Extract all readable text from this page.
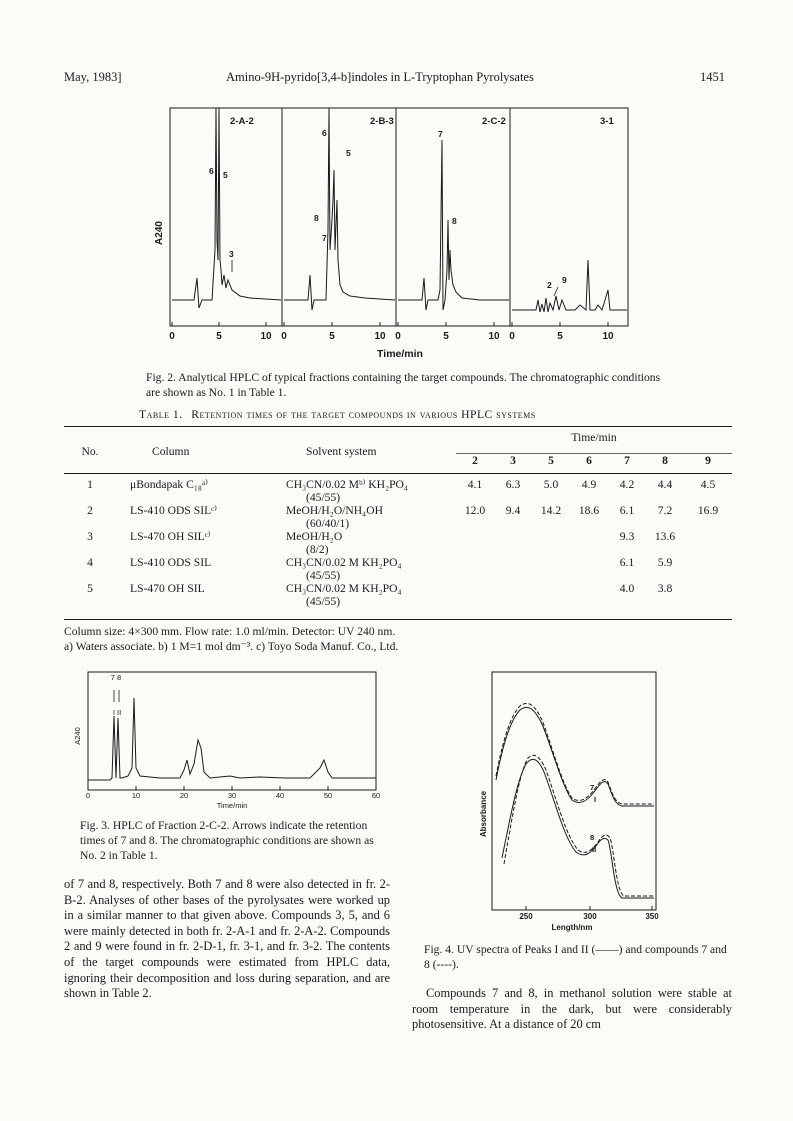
May, 1983]	Amino-9H-pyrido[3,4-b]indoles in L-Tryptophan Pyrolysates	1451
0	5	10 0	5	10 0	5	10 0	5	10
Time/min
A240
2-A-2	2-B-3	2-C-2	3-1
6 5
3
6
5
8
7
7
8
2 9
Fig. 2. Analytical HPLC of typical fractions containing the target compounds. The chromatographic conditions are shown as No. 1 in Table 1.
Table 1. Retention times of the target compounds in various HPLC systems
No.	Column	Solvent system	Time/min						
			2	3	5	6	7	8	9

1	μBondapak C₁₈ᵃ⁾	CH₃CN/0.02 Mᵇ⁾ KH₂PO₄
(45/55)	4.1	6.3	5.0	4.9	4.2	4.4	4.5
2	LS-410 ODS SILᶜ⁾	MeOH/H₂O/NH₄OH
(60/40/1)	12.0	9.4	14.2	18.6	6.1	7.2	16.9
3	LS-470 OH SILᶜ⁾	MeOH/H₂O
(8/2)					9.3	13.6	
4	LS-410 ODS SIL	CH₃CN/0.02 M KH₂PO₄
(45/55)					6.1	5.9	
5	LS-470 OH SIL	CH₃CN/0.02 M KH₂PO₄
(45/55)					4.0	3.8	
Column size: 4×300 mm. Flow rate: 1.0 ml/min. Detector: UV 240 nm.
a) Waters associate. b) 1 M=1 mol dm⁻³. c) Toyo Soda Manuf. Co., Ltd.
7 8
I II
0	10	20	30	40	50	60
Time/min
A240
Fig. 3. HPLC of Fraction 2-C-2. Arrows indicate the retention times of 7 and 8. The chromatographic conditions are shown as No. 2 in Table 1.
7
I
8
II
250	300	350
Length/nm
Absorbance
Fig. 4. UV spectra of Peaks I and II (——) and compounds 7 and 8 (----).
of 7 and 8, respectively. Both 7 and 8 were also detected in fr. 2-B-2. Analyses of other bases of the pyrolysates were worked up in a similar manner to that given above. Compounds 3, 5, and 6 were mainly detected in both fr. 2-A-1 and fr. 2-A-2. Compounds 2 and 9 were found in fr. 2-D-1, fr. 3-1, and fr. 3-2. The contents of the target compounds were estimated from HPLC data, ignoring their decomposition and loss during separation, and are shown in Table 2.	Compounds 7 and 8, in methanol solution were stable at room temperature in the dark, but were considerably photosensitive. At a distance of 20 cm
